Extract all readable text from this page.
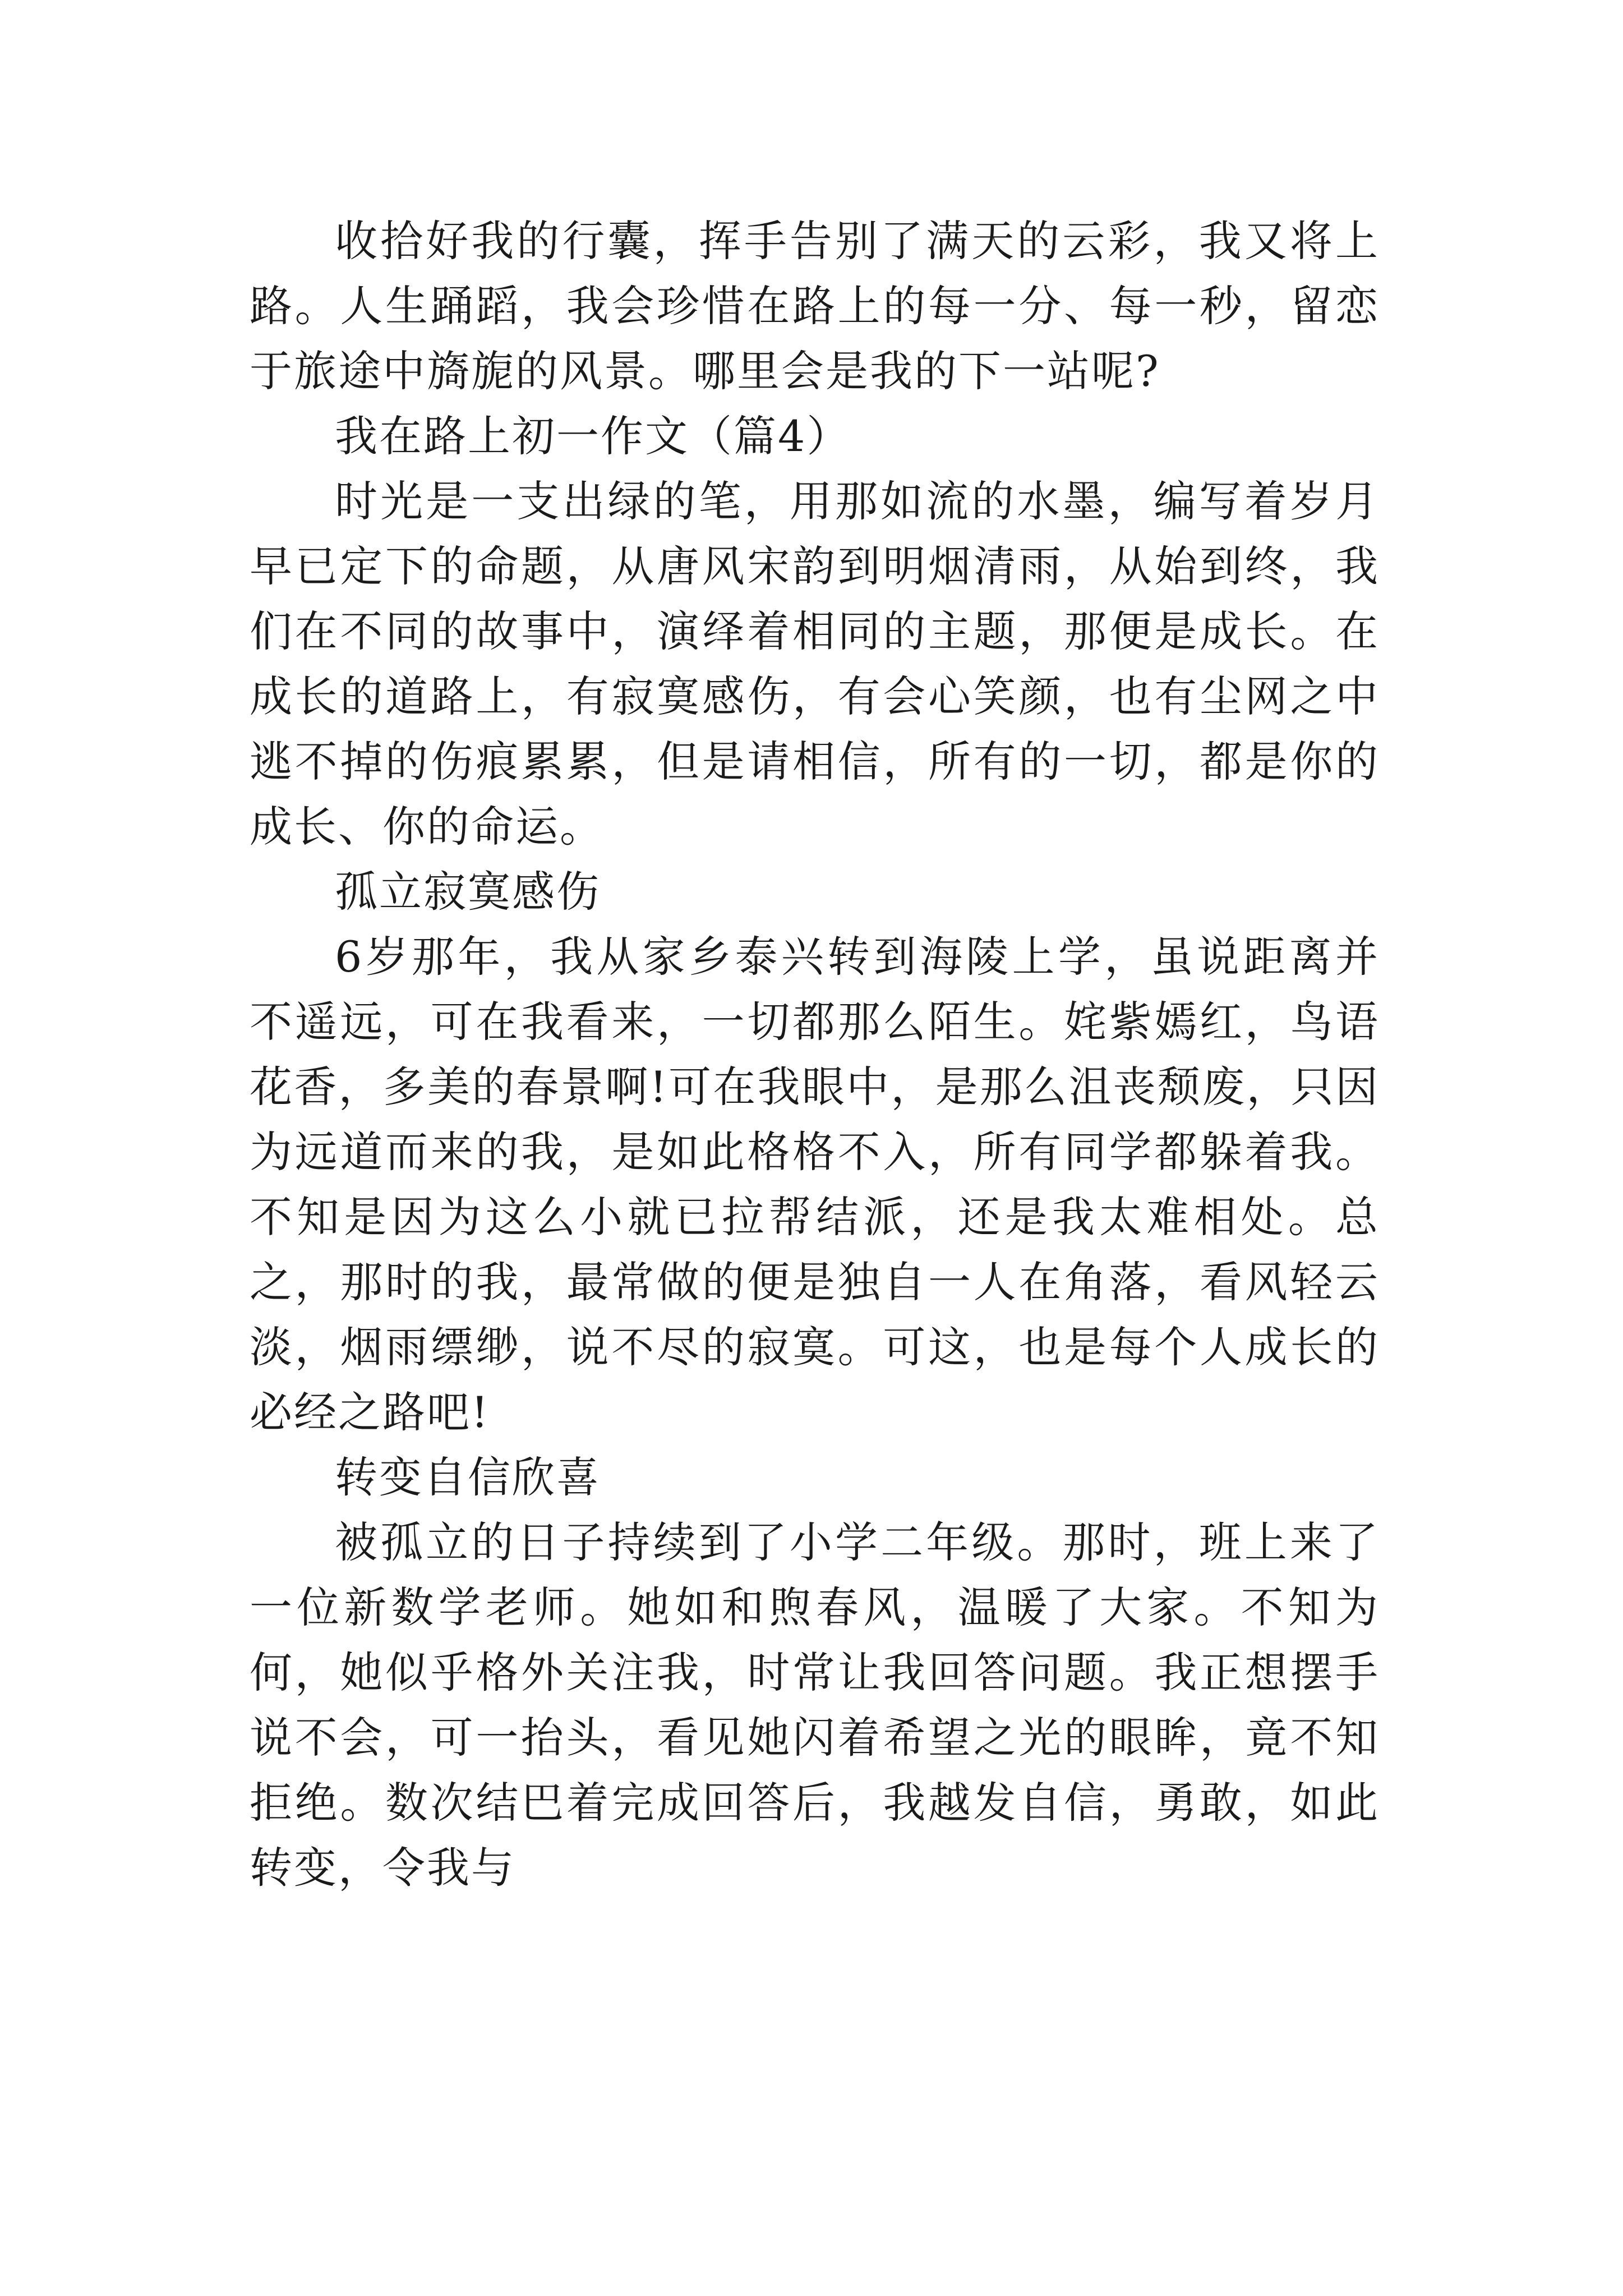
收拾好我的行囊，挥手告别了满天的云彩，我又将上路。人生踊蹈，我会珍惜在路上的每一分、每一秒，留恋于旅途中旖旎的风景。哪里会是我的下一站呢?

我在路上初一作文（篇4）

时光是一支出绿的笔，用那如流的水墨，编写着岁月早已定下的命题，从唐风宋韵到明烟清雨，从始到终，我们在不同的故事中，演绎着相同的主题，那便是成长。在成长的道路上，有寂寞感伤，有会心笑颜，也有尘网之中逃不掉的伤痕累累，但是请相信，所有的一切，都是你的成长、你的命运。

孤立寂寞感伤

6岁那年，我从家乡泰兴转到海陵上学，虽说距离并不遥远，可在我看来，一切都那么陌生。姹紫嫣红，鸟语花香，多美的春景啊!可在我眼中，是那么沮丧颓废，只因为远道而来的我，是如此格格不入，所有同学都躲着我。不知是因为这么小就已拉帮结派，还是我太难相处。总之，那时的我，最常做的便是独自一人在角落，看风轻云淡，烟雨缥缈，说不尽的寂寞。可这，也是每个人成长的必经之路吧!

转变自信欣喜

被孤立的日子持续到了小学二年级。那时，班上来了一位新数学老师。她如和煦春风，温暖了大家。不知为何，她似乎格外关注我，时常让我回答问题。我正想摆手说不会，可一抬头，看见她闪着希望之光的眼眸，竟不知拒绝。数次结巴着完成回答后，我越发自信，勇敢，如此转变，令我与
